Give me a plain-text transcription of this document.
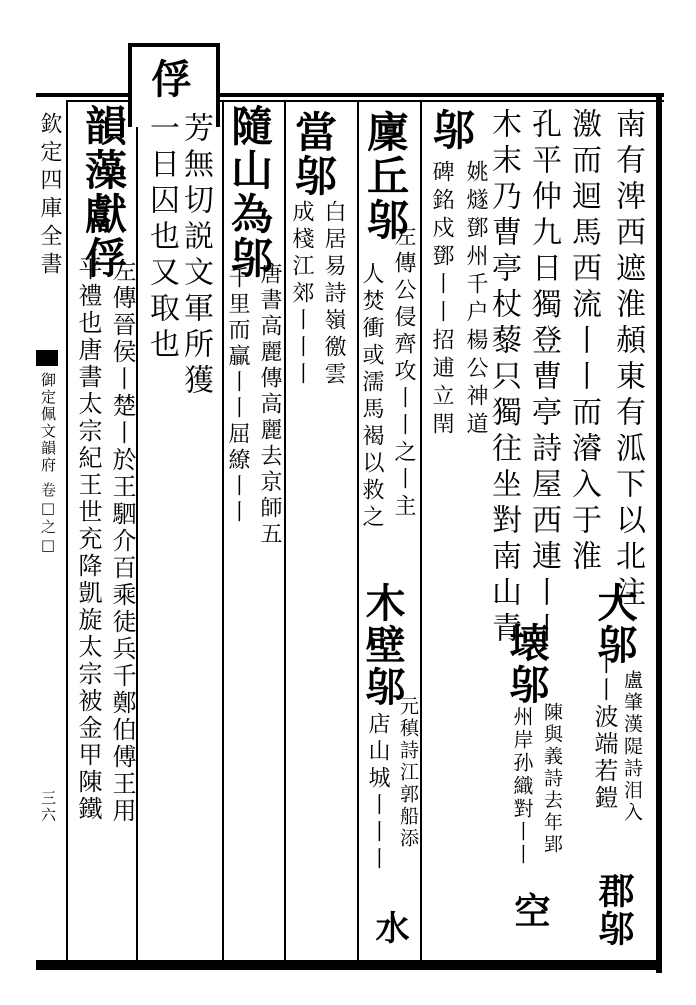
俘
欽定四庫全書
御定佩文韻府
卷□之□
三六
南有渒西遮淮頳東有泒下以北注
大邬
盧肇漢隄詩泪入
郡邬
激而迴馬西流丨丨而濬入于淮
丨丨波端若鎧
孔平仲九日獨登曹亭詩屋西連丨丨
壊邬
陳與義詩去年郢
空
木末乃曹亭杖藜只獨往坐對南山青
州岸孙織對丨丨
邬
姚燧鄧州千户楊公神道
碑銘戍鄧丨丨招逋立閈
廩丘邬
左傳公侵齊攻丨丨之丨主
人焚衝或濡馬褐以救之
木壁邬
元稹詩江郭船添
店山城丨丨丨
水
當邬
白居易詩嶺徼雲
成棧江郊丨丨丨
隨山為邬
唐書高麗傳高麗去京師五
千里而贏丨丨屈繚丨丨
芳無切説文軍所獲
一日囚也又取也
韻藻獻俘
左傳晉侯丨楚丨於王駟介百乘徒兵千鄭伯傅王用
平禮也唐書太宗紀王世充降凱旋太宗被金甲陳鐵
